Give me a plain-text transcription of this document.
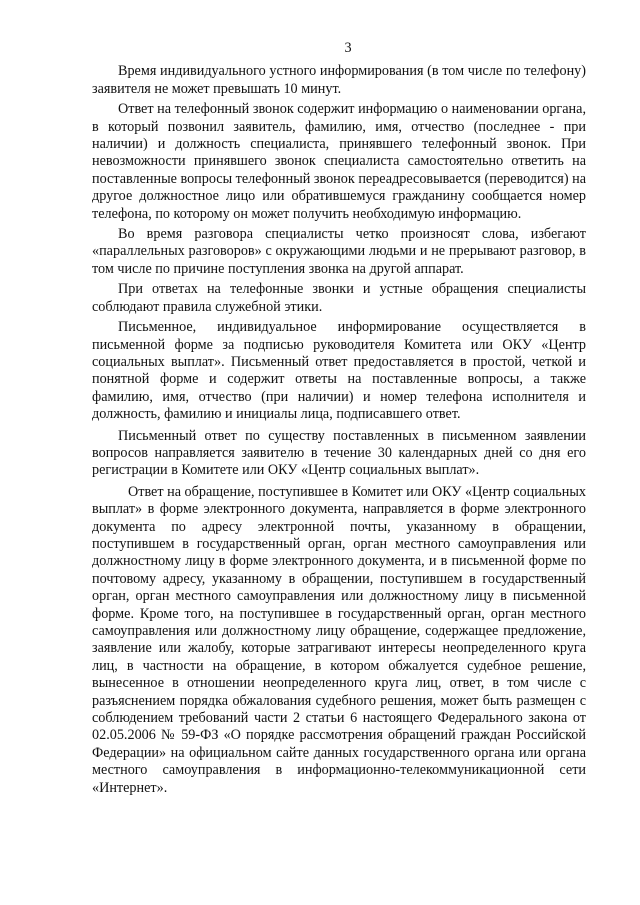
3

Время индивидуального устного информирования (в том числе по телефону) заявителя не может превышать 10 минут.

Ответ на телефонный звонок содержит информацию о наименовании органа, в который позвонил заявитель, фамилию, имя, отчество (последнее - при наличии) и должность специалиста, принявшего телефонный звонок. При невозможности принявшего звонок специалиста самостоятельно ответить на поставленные вопросы телефонный звонок переадресовывается (переводится) на другое должностное лицо или обратившемуся гражданину сообщается номер телефона, по которому он может получить необходимую информацию.

Во время разговора специалисты четко произносят слова, избегают «параллельных разговоров» с окружающими людьми и не прерывают разговор, в том числе по причине поступления звонка на другой аппарат.

При ответах на телефонные звонки и устные обращения специалисты соблюдают правила служебной этики.

Письменное, индивидуальное информирование осуществляется в письменной форме за подписью руководителя Комитета или ОКУ «Центр социальных выплат». Письменный ответ предоставляется в простой, четкой и понятной форме и содержит ответы на поставленные вопросы, а также фамилию, имя, отчество (при наличии) и номер телефона исполнителя и должность, фамилию и инициалы лица, подписавшего ответ.

Письменный ответ по существу поставленных в письменном заявлении вопросов направляется заявителю в течение 30 календарных дней со дня его регистрации в Комитете или ОКУ «Центр социальных выплат».

Ответ на обращение, поступившее в Комитет или ОКУ «Центр социальных выплат» в форме электронного документа, направляется в форме электронного документа по адресу электронной почты, указанному в обращении, поступившем в государственный орган, орган местного самоуправления или должностному лицу в форме электронного документа, и в письменной форме по почтовому адресу, указанному в обращении, поступившем в государственный орган, орган местного самоуправления или должностному лицу в письменной форме. Кроме того, на поступившее в государственный орган, орган местного самоуправления или должностному лицу обращение, содержащее предложение, заявление или жалобу, которые затрагивают интересы неопределенного круга лиц, в частности на обращение, в котором обжалуется судебное решение, вынесенное в отношении неопределенного круга лиц, ответ, в том числе с разъяснением порядка обжалования судебного решения, может быть размещен с соблюдением требований части 2 статьи 6 настоящего Федерального закона от 02.05.2006 № 59-ФЗ «О порядке рассмотрения обращений граждан Российской Федерации» на официальном сайте данных государственного органа или органа местного самоуправления в информационно-телекоммуникационной сети «Интернет».
